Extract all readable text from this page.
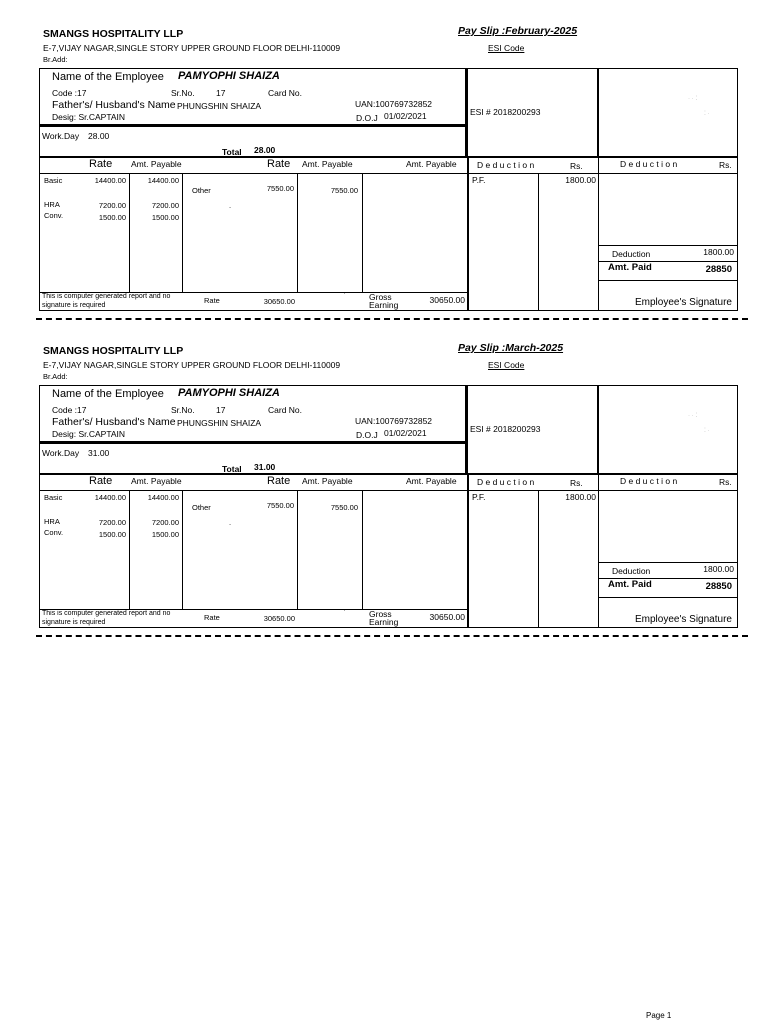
SMANGS HOSPITALITY LLP	Pay Slip :February-2025
E-7,VIJAY NAGAR,SINGLE STORY UPPER GROUND FLOOR DELHI-110009	ESI Code
Br.Add:
Name of the Employee PAMYOPHI SHAIZA
Code :17	Sr.No.	17	Card No.
Father's/ Husband's Name PHUNGSHIN SHAIZA	UAN:100769732852
Desig: Sr.CAPTAIN	D.O.J 01/02/2021	ESI # 2018200293
· · ⁚
⁚ ·
Work.Day 28.00
Total 28.00
Rate Amt. Payable	Rate Amt. Payable	Amt. Payable D e d u c t i o n	Rs.	D e d u c t i o n	Rs.
Basic	14400.00	14400.00
HRA	7200.00	7200.00
Conv.	1500.00	1500.00
Other	7550.00	7550.00
.
P.F.	1800.00
Deduction	1800.00
Amt. Paid	28850
Employee's Signature
This is computer generated report and no signature is required
Rate	30650.00
'	Gross Earning	30650.00
SMANGS HOSPITALITY LLP	Pay Slip :March-2025
E-7,VIJAY NAGAR,SINGLE STORY UPPER GROUND FLOOR DELHI-110009	ESI Code
Br.Add:
Name of the Employee PAMYOPHI SHAIZA
Code :17	Sr.No.	17	Card No.
Father's/ Husband's Name PHUNGSHIN SHAIZA	UAN:100769732852
Desig: Sr.CAPTAIN	D.O.J 01/02/2021	ESI # 2018200293
· · ⁚
⁚ ·
Work.Day 31.00
Total 31.00
Rate Amt. Payable	Rate Amt. Payable	Amt. Payable D e d u c t i o n	Rs.	D e d u c t i o n	Rs.
Basic	14400.00	14400.00
HRA	7200.00	7200.00
Conv.	1500.00	1500.00
Other	7550.00	7550.00
.
P.F.	1800.00
Deduction	1800.00
Amt. Paid	28850
Employee's Signature
This is computer generated report and no signature is required
Rate	30650.00
'	Gross Earning	30650.00
Page 1
